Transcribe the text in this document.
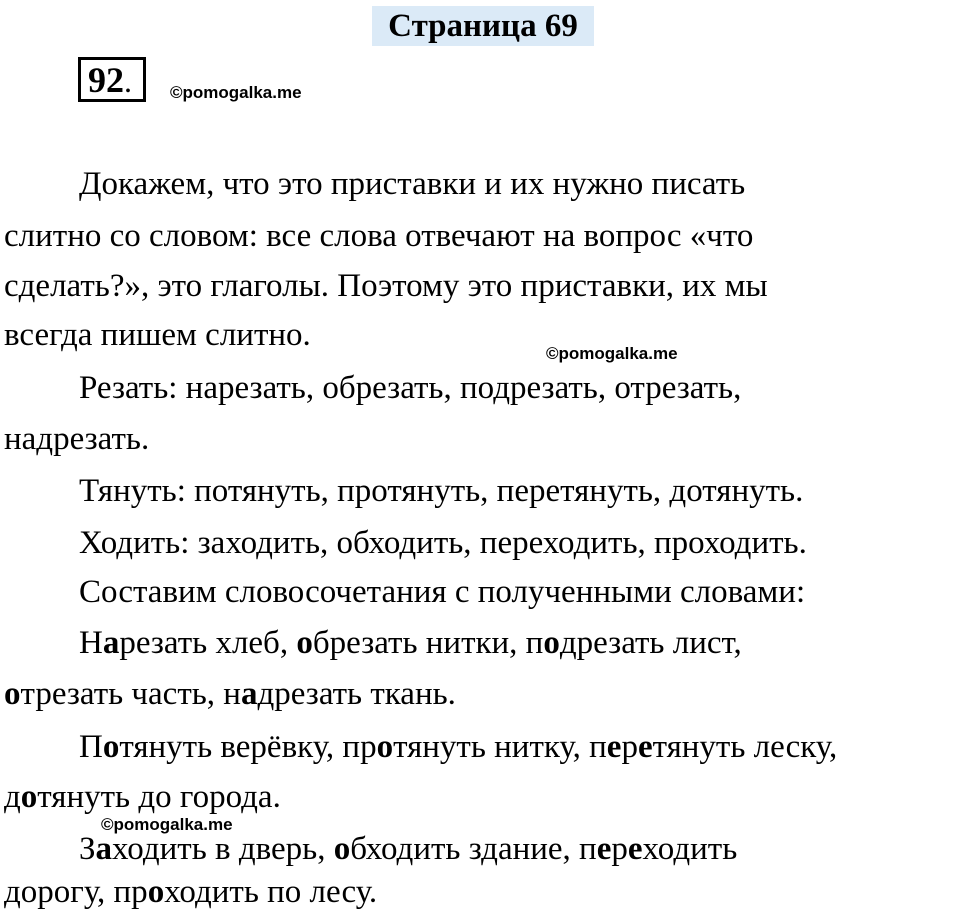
Страница 69
92.	©pomogalka.me
©pomogalka.me
©pomogalka.me
Докажем, что это приставки и их нужно писать
слитно со словом: все слова отвечают на вопрос «что
сделать?», это глаголы. Поэтому это приставки, их мы
всегда пишем слитно.
Резать: нарезать, обрезать, подрезать, отрезать,
надрезать.
Тянуть: потянуть, протянуть, перетянуть, дотянуть.
Ходить: заходить, обходить, переходить, проходить.
Составим словосочетания с полученными словами:
Нарезать хлеб, обрезать нитки, подрезать лист,
отрезать часть, надрезать ткань.
Потянуть верёвку, протянуть нитку, перетянуть леску,
дотянуть до города.
Заходить в дверь, обходить здание, переходить
дорогу, проходить по лесу.
